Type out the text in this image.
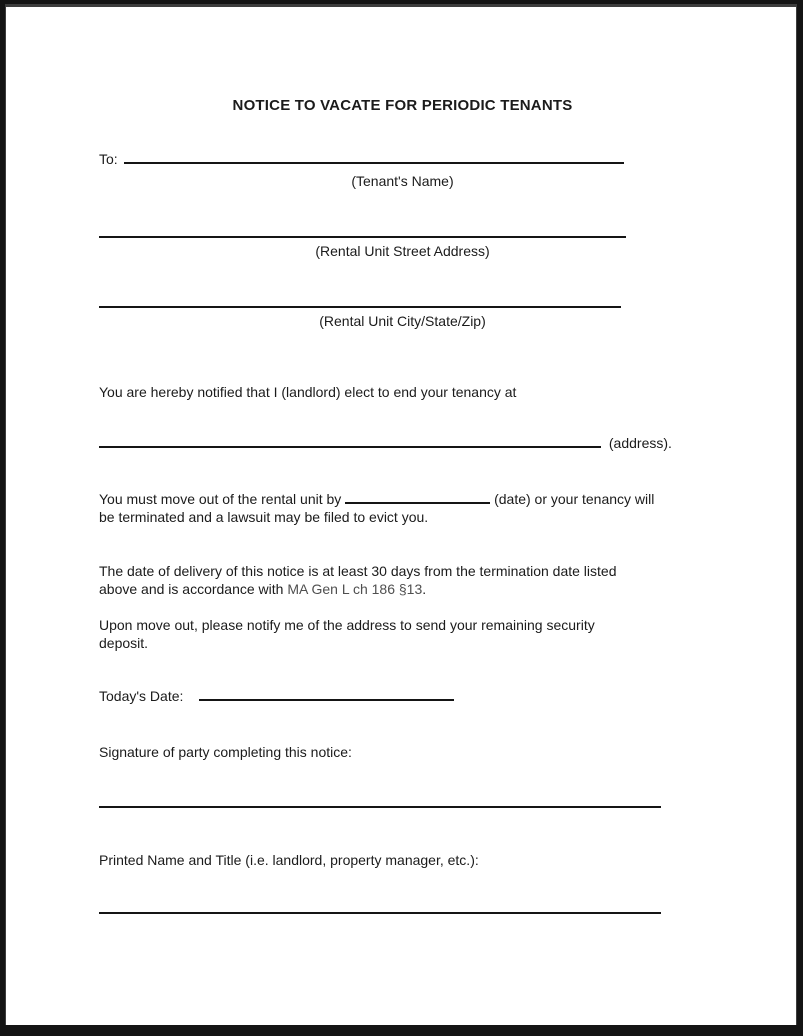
NOTICE TO VACATE FOR PERIODIC TENANTS
To:
(Tenant's Name)
(Rental Unit Street Address)
(Rental Unit City/State/Zip)

You are hereby notified that I (landlord) elect to end your tenancy at

(address).

You must move out of the rental unit by	(date) or your tenancy will
be terminated and a lawsuit may be filed to evict you.

The date of delivery of this notice is at least 30 days from the termination date listed
above and is accordance with MA Gen L ch 186 §13.

Upon move out, please notify me of the address to send your remaining security
deposit.

Today's Date:

Signature of party completing this notice:

Printed Name and Title (i.e. landlord, property manager, etc.):
